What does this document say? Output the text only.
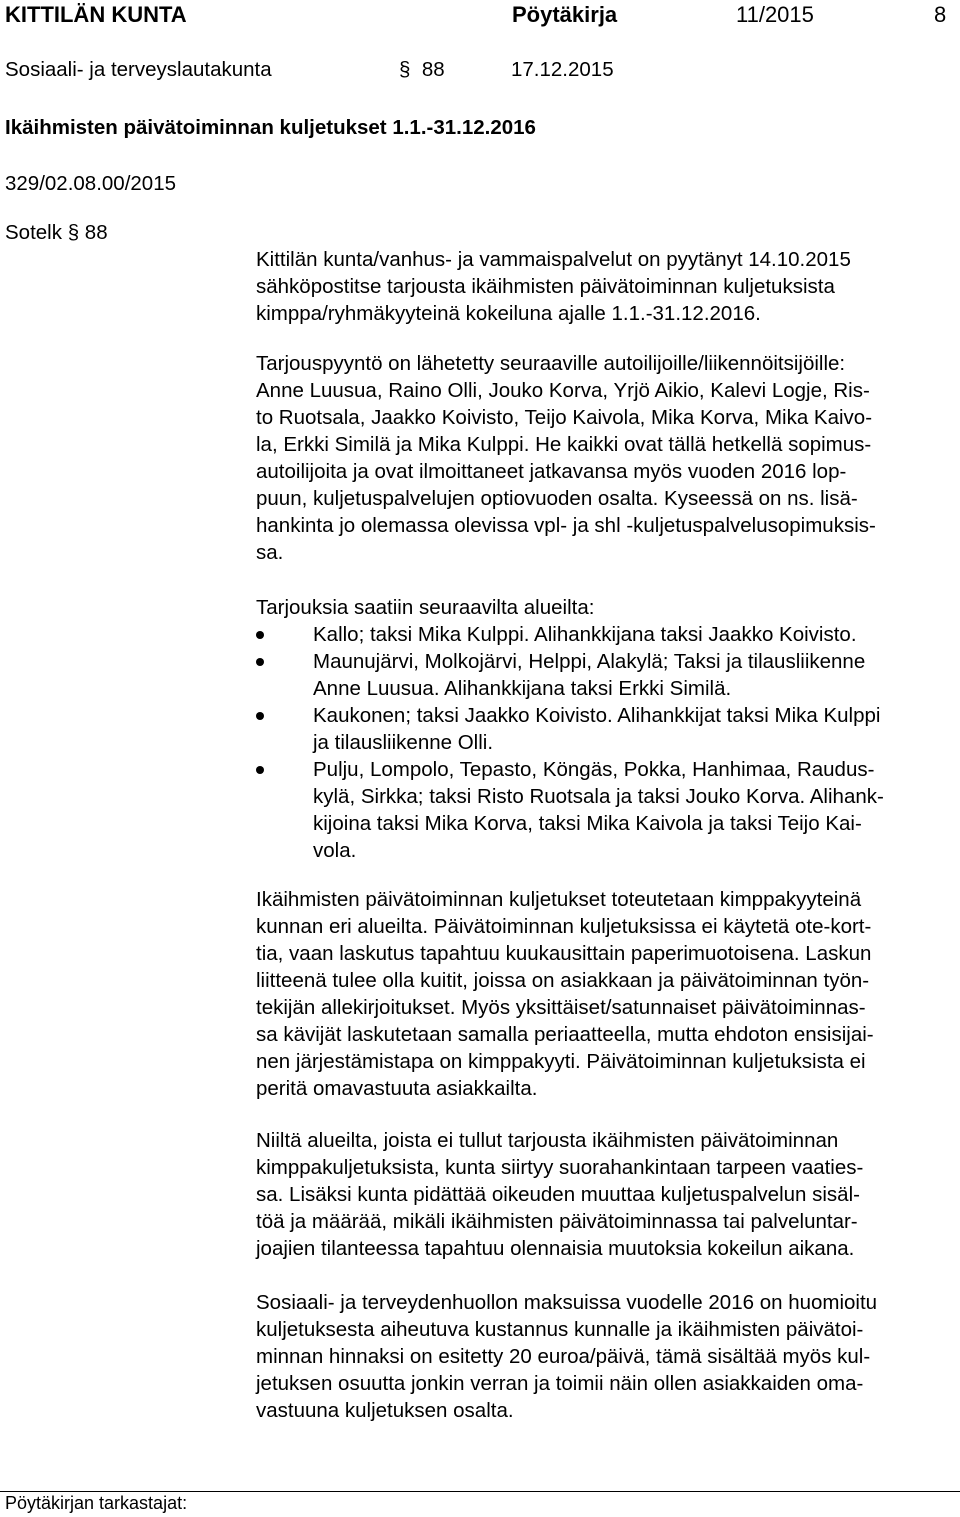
KITTILÄN KUNTA	Pöytäkirja	11/2015	8
Sosiaali- ja terveyslautakunta	§ 88	17.12.2015
Ikäihmisten päivätoiminnan kuljetukset 1.1.-31.12.2016
329/02.08.00/2015
Sotelk § 88

Kittilän kunta/vanhus- ja vammaispalvelut on pyytänyt 14.10.2015
sähköpostitse tarjousta ikäihmisten päivätoiminnan kuljetuksista
kimppa/ryhmäkyyteinä kokeiluna ajalle 1.1.-31.12.2016.

Tarjouspyyntö on lähetetty seuraaville autoilijoille/liikennöitsijöille:
Anne Luusua, Raino Olli, Jouko Korva, Yrjö Aikio, Kalevi Logje, Ris-
to Ruotsala, Jaakko Koivisto, Teijo Kaivola, Mika Korva, Mika Kaivo-
la, Erkki Similä ja Mika Kulppi. He kaikki ovat tällä hetkellä sopimus-
autoilijoita ja ovat ilmoittaneet jatkavansa myös vuoden 2016 lop-
puun, kuljetuspalvelujen optiovuoden osalta. Kyseessä on ns. lisä-
hankinta jo olemassa olevissa vpl- ja shl -kuljetuspalvelusopimuksis-
sa.

Tarjouksia saatiin seuraavilta alueilta:
Kallo; taksi Mika Kulppi. Alihankkijana taksi Jaakko Koivisto.
Maunujärvi, Molkojärvi, Helppi, Alakylä; Taksi ja tilausliikenne
Anne Luusua. Alihankkijana taksi Erkki Similä.
Kaukonen; taksi Jaakko Koivisto. Alihankkijat taksi Mika Kulppi
ja tilausliikenne Olli.
Pulju, Lompolo, Tepasto, Köngäs, Pokka, Hanhimaa, Raudus-
kylä, Sirkka; taksi Risto Ruotsala ja taksi Jouko Korva. Alihank-
kijoina taksi Mika Korva, taksi Mika Kaivola ja taksi Teijo Kai-
vola.

Ikäihmisten päivätoiminnan kuljetukset toteutetaan kimppakyyteinä
kunnan eri alueilta. Päivätoiminnan kuljetuksissa ei käytetä ote-kort-
tia, vaan laskutus tapahtuu kuukausittain paperimuotoisena. Laskun
liitteenä tulee olla kuitit, joissa on asiakkaan ja päivätoiminnan työn-
tekijän allekirjoitukset. Myös yksittäiset/satunnaiset päivätoiminnas-
sa kävijät laskutetaan samalla periaatteella, mutta ehdoton ensisijai-
nen järjestämistapa on kimppakyyti. Päivätoiminnan kuljetuksista ei
peritä omavastuuta asiakkailta.

Niiltä alueilta, joista ei tullut tarjousta ikäihmisten päivätoiminnan
kimppakuljetuksista, kunta siirtyy suorahankintaan tarpeen vaaties-
sa. Lisäksi kunta pidättää oikeuden muuttaa kuljetuspalvelun sisäl-
töä ja määrää, mikäli ikäihmisten päivätoiminnassa tai palveluntar-
joajien tilanteessa tapahtuu olennaisia muutoksia kokeilun aikana.

Sosiaali- ja terveydenhuollon maksuissa vuodelle 2016 on huomioitu
kuljetuksesta aiheutuva kustannus kunnalle ja ikäihmisten päivätoi-
minnan hinnaksi on esitetty 20 euroa/päivä, tämä sisältää myös kul-
jetuksen osuutta jonkin verran ja toimii näin ollen asiakkaiden oma-
vastuuna kuljetuksen osalta.

Pöytäkirjan tarkastajat:
